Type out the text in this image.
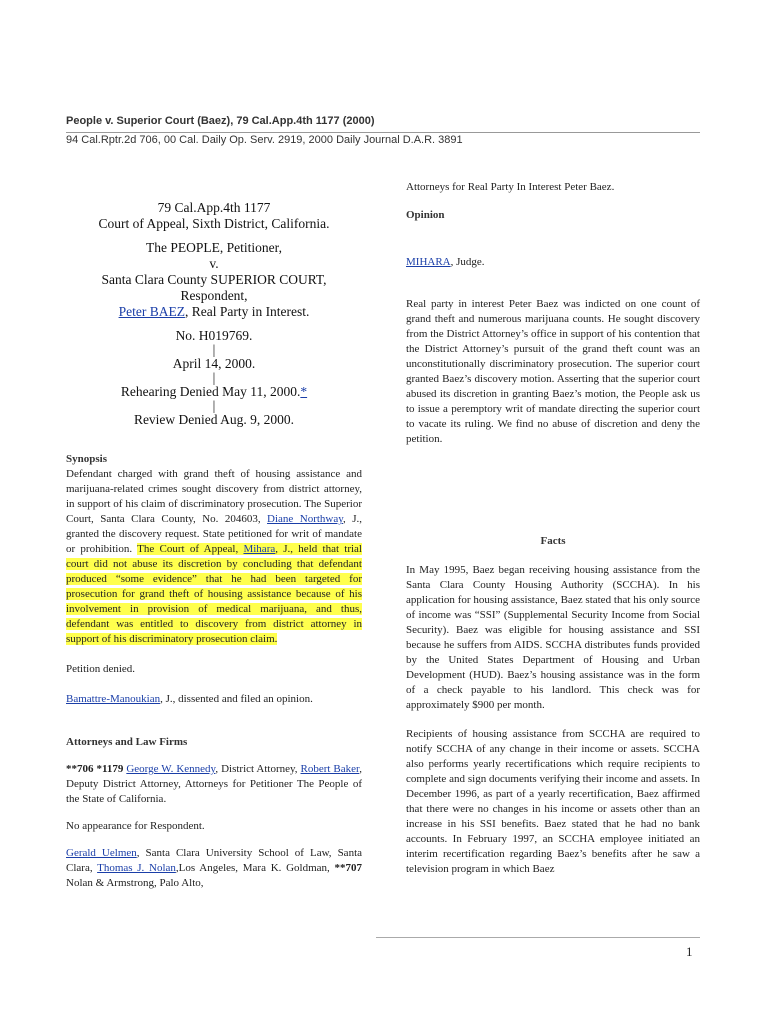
People v. Superior Court (Baez), 79 Cal.App.4th 1177 (2000)
94 Cal.Rptr.2d 706, 00 Cal. Daily Op. Serv. 2919, 2000 Daily Journal D.A.R. 3891

79 Cal.App.4th 1177

Court of Appeal, Sixth District, California.

The PEOPLE, Petitioner,

v.

Santa Clara County SUPERIOR COURT,

Respondent,

Peter BAEZ, Real Party in Interest.

No. H019769.

|

April 14, 2000.

|

Rehearing Denied May 11, 2000.*

|

Review Denied Aug. 9, 2000.

Synopsis

Defendant charged with grand theft of housing assistance and marijuana-related crimes sought discovery from district attorney, in support of his claim of discriminatory prosecution. The Superior Court, Santa Clara County, No. 204603, Diane Northway, J., granted the discovery request. State petitioned for writ of mandate or prohibition. The Court of Appeal, Mihara, J., held that trial court did not abuse its discretion by concluding that defendant produced “some evidence” that he had been targeted for prosecution for grand theft of housing assistance because of his involvement in provision of medical marijuana, and thus, defendant was entitled to discovery from district attorney in support of his discriminatory prosecution claim.

Petition denied.

Bamattre-Manoukian, J., dissented and filed an opinion.

Attorneys and Law Firms

**706 *1179 George W. Kennedy, District Attorney, Robert Baker, Deputy District Attorney, Attorneys for Petitioner The People of the State of California.

No appearance for Respondent.

Gerald Uelmen, Santa Clara University School of Law, Santa Clara, Thomas J. Nolan,Los Angeles, Mara K. Goldman, **707 Nolan & Armstrong, Palo Alto,

Attorneys for Real Party In Interest Peter Baez.

Opinion

MIHARA, Judge.

Real party in interest Peter Baez was indicted on one count of grand theft and numerous marijuana counts. He sought discovery from the District Attorney’s office in support of his contention that the District Attorney’s pursuit of the grand theft count was an unconstitutionally discriminatory prosecution. The superior court granted Baez’s discovery motion. Asserting that the superior court abused its discretion in granting Baez’s motion, the People ask us to issue a peremptory writ of mandate directing the superior court to vacate its ruling. We find no abuse of discretion and deny the petition.

Facts

In May 1995, Baez began receiving housing assistance from the Santa Clara County Housing Authority (SCCHA). In his application for housing assistance, Baez stated that his only source of income was “SSI” (Supplemental Security Income from Social Security). Baez was eligible for housing assistance and SSI because he suffers from AIDS. SCCHA distributes funds provided by the United States Department of Housing and Urban Development (HUD). Baez’s housing assistance was in the form of a check payable to his landlord. This check was for approximately $900 per month.

Recipients of housing assistance from SCCHA are required to notify SCCHA of any change in their income or assets. SCCHA also performs yearly recertifications which require recipients to complete and sign documents verifying their income and assets. In December 1996, as part of a yearly recertification, Baez affirmed that there were no changes in his income or assets other than an increase in his SSI benefits. Baez stated that he had no bank accounts. In February 1997, an SCCHA employee initiated an interim recertification regarding Baez’s benefits after he saw a television program in which Baez

1
